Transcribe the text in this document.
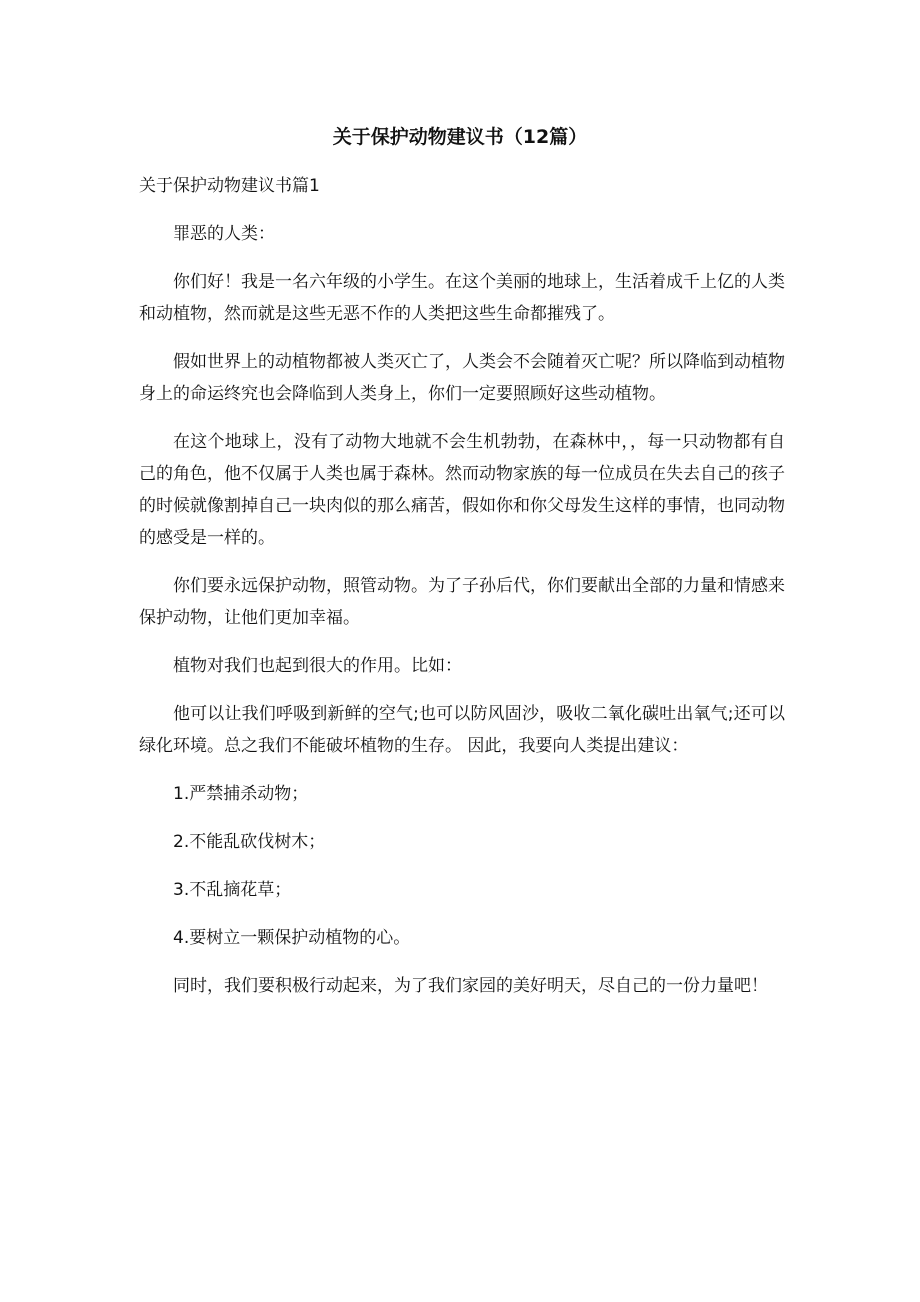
关于保护动物建议书（12篇）

关于保护动物建议书篇1

罪恶的人类：

你们好！我是一名六年级的小学生。在这个美丽的地球上，生活着成千上亿的人类和动植物，然而就是这些无恶不作的人类把这些生命都摧残了。

假如世界上的动植物都被人类灭亡了，人类会不会随着灭亡呢？所以降临到动植物身上的命运终究也会降临到人类身上，你们一定要照顾好这些动植物。

在这个地球上，没有了动物大地就不会生机勃勃，在森林中，，每一只动物都有自己的角色，他不仅属于人类也属于森林。然而动物家族的每一位成员在失去自己的孩子的时候就像割掉自己一块肉似的那么痛苦，假如你和你父母发生这样的事情，也同动物的感受是一样的。

你们要永远保护动物，照管动物。为了子孙后代，你们要献出全部的力量和情感来保护动物，让他们更加幸福。

植物对我们也起到很大的作用。比如：

他可以让我们呼吸到新鲜的空气;也可以防风固沙，吸收二氧化碳吐出氧气;还可以绿化环境。总之我们不能破坏植物的生存。 因此，我要向人类提出建议：

1.严禁捕杀动物；

2.不能乱砍伐树木；

3.不乱摘花草；

4.要树立一颗保护动植物的心。

同时，我们要积极行动起来，为了我们家园的美好明天，尽自己的一份力量吧！
